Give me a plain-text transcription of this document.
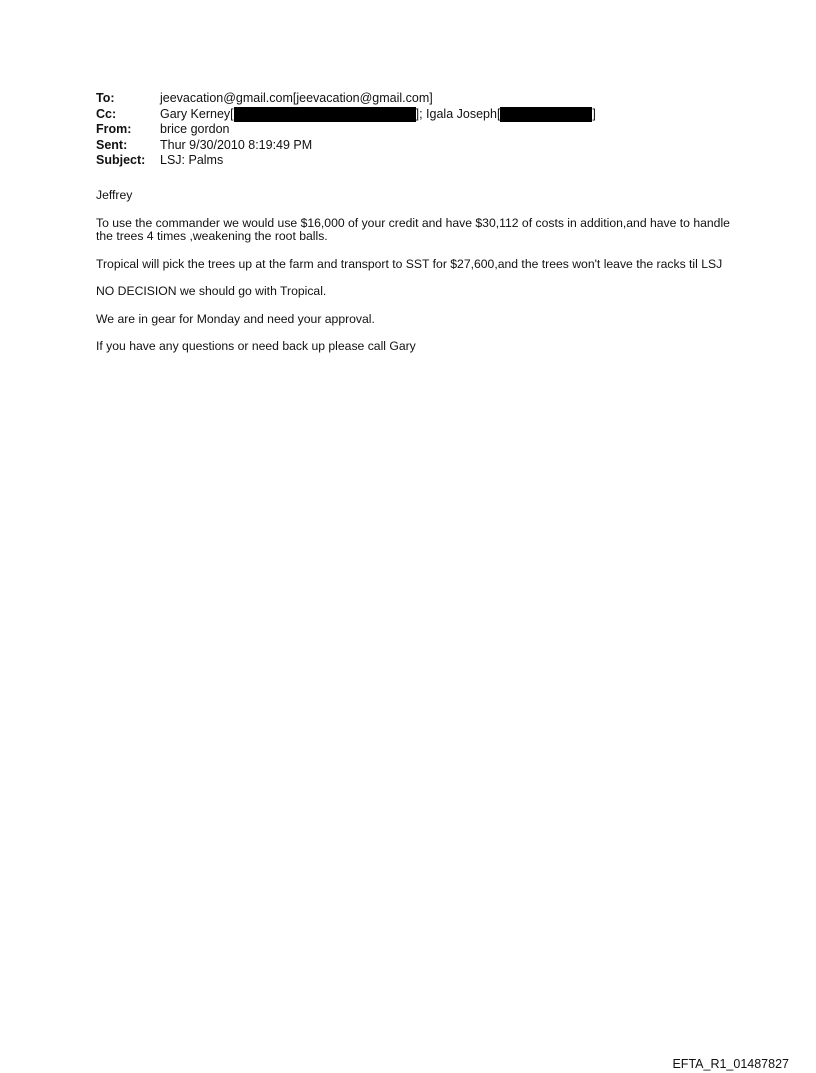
To:	jeevacation@gmail.com[jeevacation@gmail.com]
Cc:	Gary Kerney[	]; Igala Joseph[	]
From:	brice gordon
Sent:	Thur 9/30/2010 8:19:49 PM
Subject:	LSJ: Palms

Jeffrey

To use the commander we would use $16,000 of your credit and have $30,112 of costs in addition,and have to handle the trees 4 times ,weakening the root balls.

Tropical will pick the trees up at the farm and transport to SST for $27,600,and the trees won't leave the racks til LSJ

NO DECISION we should go with Tropical.

We are in gear for Monday and need your approval.

If you have any questions or need back up please call Gary

EFTA_R1_01487827
